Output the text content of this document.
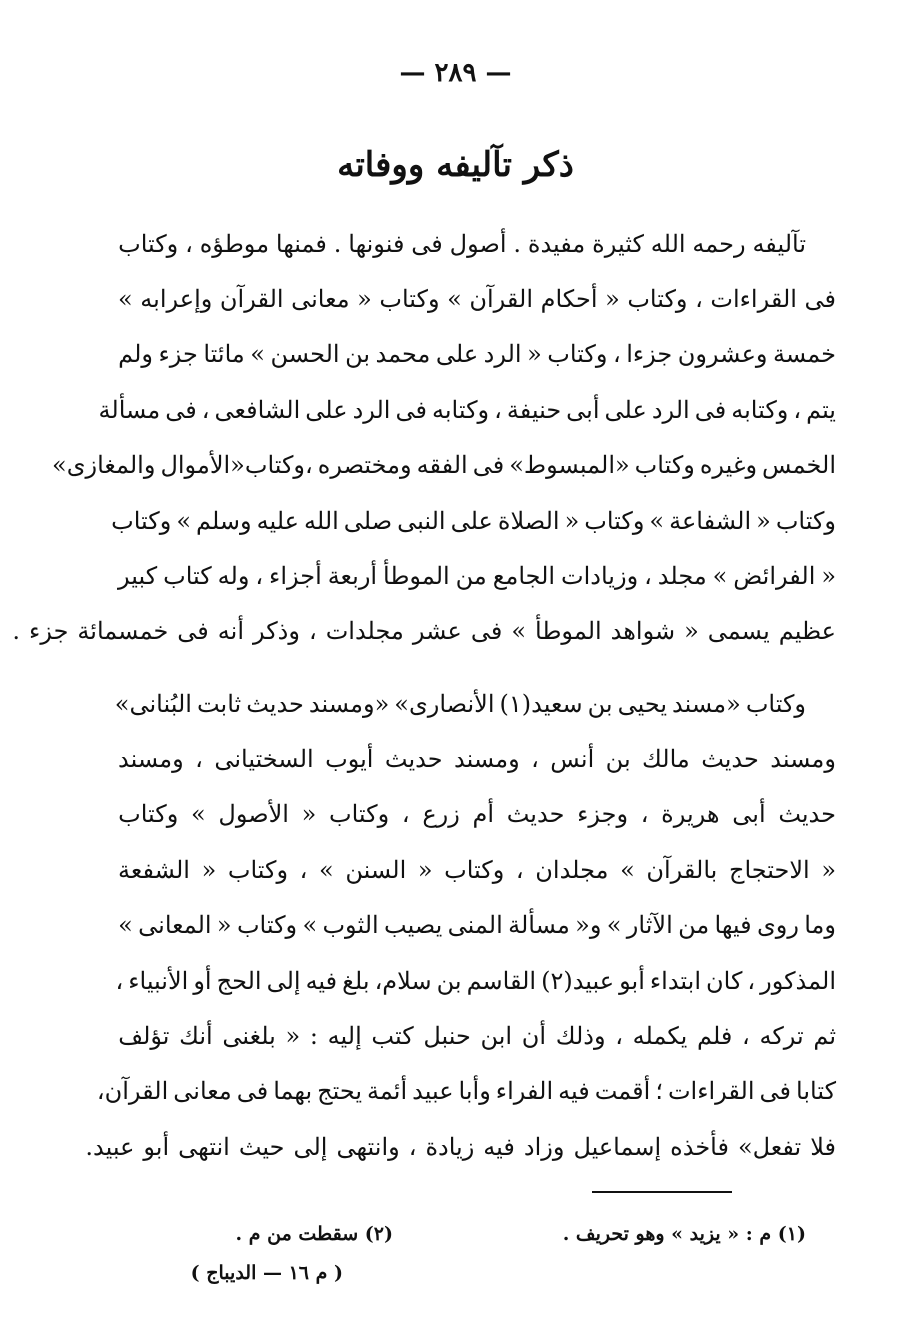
— ٢٨٩ —
ذكر تآليفه ووفاته
تآليفه
رحمه
الله
كثيرة
مفيدة
.
أصول
فى
فنونها
.
فمنها
موطؤه
،
وكتاب
فى
القراءات
،
وكتاب
«
أحكام
القرآن
»
وكتاب
«
معانى
القرآن
وإعرابه
»
خمسة
وعشرون
جزءا
،
وكتاب
«
الرد
على
محمد
بن
الحسن
»
مائتا
جزء
ولم
يتم
،
وكتابه
فى
الرد
على
أبى
حنيفة
،
وكتابه
فى
الرد
على
الشافعى
،
فى
مسألة
الخمس
وغيره
وكتاب
«المبسوط»
فى
الفقه
ومختصره
،وكتاب«الأموال
والمغازى»
وكتاب
«
الشفاعة
»
وكتاب
«
الصلاة
على
النبى
صلى
الله
عليه
وسلم
»
وكتاب
«
الفرائض
»
مجلد
،
وزيادات
الجامع
من
الموطأ
أربعة
أجزاء
،
وله
كتاب
كبير
عظيم
يسمى
«
شواهد
الموطأ
»
فى
عشر
مجلدات
،
وذكر
أنه
فى
خمسمائة
جزء
.
وكتاب
«مسند
يحيى
بن
سعيد(١)
الأنصارى»
«ومسند
حديث
ثابت
البُنانى»
ومسند
حديث
مالك
بن
أنس
،
ومسند
حديث
أيوب
السختيانى
،
ومسند
حديث
أبى
هريرة
،
وجزء
حديث
أم
زرع
،
وكتاب
«
الأصول
»
وكتاب
«
الاحتجاج
بالقرآن
»
مجلدان
،
وكتاب
«
السنن
»
،
وكتاب
«
الشفعة
وما
روى
فيها
من
الآثار
»
و«
مسألة
المنى
يصيب
الثوب
»
وكتاب
«
المعانى
»
المذكور
،
كان
ابتداء
أبو
عبيد(٢)
القاسم
بن
سلام،
بلغ
فيه
إلى
الحج
أو
الأنبياء
،
ثم
تركه
،
فلم
يكمله
،
وذلك
أن
ابن
حنبل
كتب
إليه
:
«
بلغنى
أنك
تؤلف
كتابا
فى
القراءات
؛
أقمت
فيه
الفراء
وأبا
عبيد
أئمة
يحتج
بهما
فى
معانى
القرآن،
فلا
تفعل»
فأخذه
إسماعيل
وزاد
فيه
زيادة
،
وانتهى
إلى
حيث
انتهى
أبو
عبيد.
(١) م : « يزيد » وهو تحريف .
(٢) سقطت من م .
( م ١٦ — الديباج )
